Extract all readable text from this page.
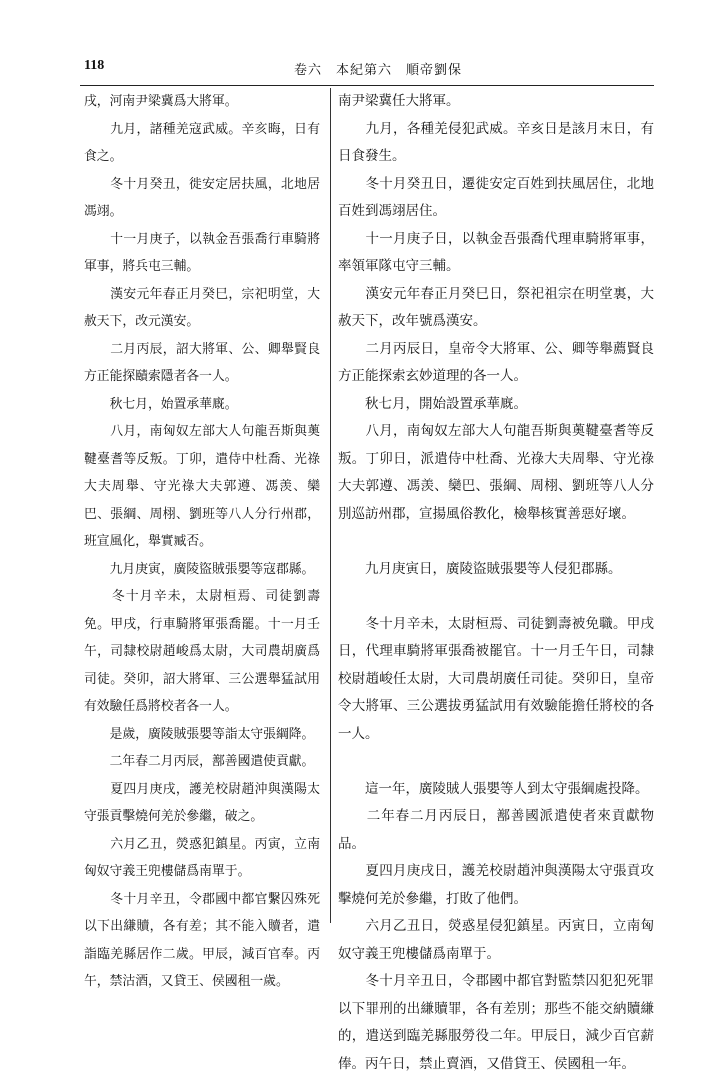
118	卷六　本紀第六　順帝劉保

戌，河南尹梁冀爲大將軍。

　　九月，諸種羌寇武威。辛亥晦，日有食之。

　　冬十月癸丑，徙安定居扶風，北地居馮翊。

　　十一月庚子，以執金吾張喬行車騎將軍事，將兵屯三輔。

　　漢安元年春正月癸巳，宗祀明堂，大赦天下，改元漢安。

　　二月丙辰，詔大將軍、公、卿舉賢良方正能探賾索隱者各一人。

　　秋七月，始置承華廐。

　　八月，南匈奴左部大人句龍吾斯與薁鞬臺耆等反叛。丁卯，遣侍中杜喬、光祿大夫周舉、守光祿大夫郭遵、馮羡、欒巴、張綱、周栩、劉班等八人分行州郡，班宣風化，舉實臧否。

　　九月庚寅，廣陵盜賊張嬰等寇郡縣。

　　冬十月辛未，太尉桓焉、司徒劉壽免。甲戌，行車騎將軍張喬罷。十一月壬午，司隸校尉趙峻爲太尉，大司農胡廣爲司徒。癸卯，詔大將軍、三公選舉猛試用有效驗任爲將校者各一人。

　　是歲，廣陵賊張嬰等詣太守張綱降。

　　二年春二月丙辰，鄯善國遣使貢獻。

　　夏四月庚戌，護羌校尉趙沖與漢陽太守張貢擊燒何羌於參繼，破之。

　　六月乙丑，熒惑犯鎮星。丙寅，立南匈奴守義王兜樓儲爲南單于。

　　冬十月辛丑，令郡國中都官繫囚殊死以下出縑贖，各有差；其不能入贖者，遣詣臨羌縣居作二歲。甲辰，減百官奉。丙午，禁沽酒，又貸王、侯國租一歲。

南尹梁冀任大將軍。

　　九月，各種羌侵犯武威。辛亥日是該月末日，有日食發生。

　　冬十月癸丑日，遷徙安定百姓到扶風居住，北地百姓到馮翊居住。

　　十一月庚子日，以執金吾張喬代理車騎將軍事，率領軍隊屯守三輔。

　　漢安元年春正月癸巳日，祭祀祖宗在明堂裏，大赦天下，改年號爲漢安。

　　二月丙辰日，皇帝令大將軍、公、卿等舉薦賢良方正能探索玄妙道理的各一人。

　　秋七月，開始設置承華廐。

　　八月，南匈奴左部大人句龍吾斯與薁鞬臺耆等反叛。丁卯日，派遣侍中杜喬、光祿大夫周舉、守光祿大夫郭遵、馮羡、欒巴、張綱、周栩、劉班等八人分別巡訪州郡，宣揚風俗教化，檢舉核實善惡好壞。

　　九月庚寅日，廣陵盜賊張嬰等人侵犯郡縣。

　　冬十月辛未，太尉桓焉、司徒劉壽被免職。甲戌日，代理車騎將軍張喬被罷官。十一月壬午日，司隸校尉趙峻任太尉，大司農胡廣任司徒。癸卯日，皇帝令大將軍、三公選拔勇猛試用有效驗能擔任將校的各一人。

　　這一年，廣陵賊人張嬰等人到太守張綱處投降。

　　二年春二月丙辰日，鄯善國派遣使者來貢獻物品。

　　夏四月庚戌日，護羌校尉趙沖與漢陽太守張貢攻擊燒何羌於參繼，打敗了他們。

　　六月乙丑日，熒惑星侵犯鎮星。丙寅日，立南匈奴守義王兜樓儲爲南單于。

　　冬十月辛丑日，令郡國中都官對監禁囚犯犯死罪以下罪刑的出縑贖罪，各有差別；那些不能交納贖縑的，遣送到臨羌縣服勞役二年。甲辰日，減少百官薪俸。丙午日，禁止賣酒，又借貸王、侯國租一年。
